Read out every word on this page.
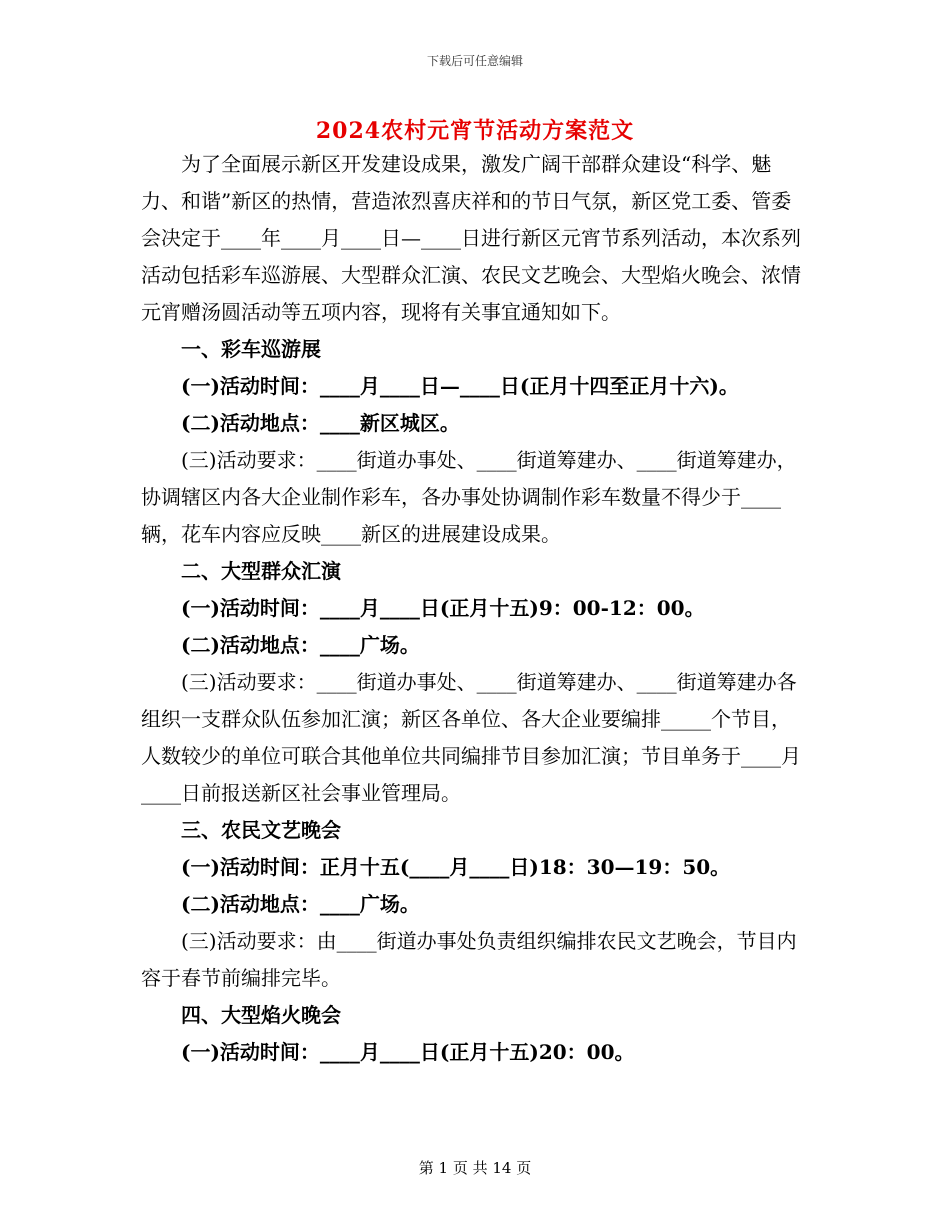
下载后可任意编辑
2024农村元宵节活动方案范文

为了全面展示新区开发建设成果，激发广阔干部群众建设“科学、魅力、和谐”新区的热情，营造浓烈喜庆祥和的节日气氛，新区党工委、管委会决定于____年____月____日—____日进行新区元宵节系列活动，本次系列活动包括彩车巡游展、大型群众汇演、农民文艺晚会、大型焰火晚会、浓情元宵赠汤圆活动等五项内容，现将有关事宜通知如下。

一、彩车巡游展

(一)活动时间：____月____日—____日(正月十四至正月十六)。

(二)活动地点：____新区城区。

(三)活动要求：____街道办事处、____街道筹建办、____街道筹建办，协调辖区内各大企业制作彩车，各办事处协调制作彩车数量不得少于____辆，花车内容应反映____新区的进展建设成果。

二、大型群众汇演

(一)活动时间：____月____日(正月十五)9：00-12：00。

(二)活动地点：____广场。

(三)活动要求：____街道办事处、____街道筹建办、____街道筹建办各组织一支群众队伍参加汇演；新区各单位、各大企业要编排_____个节目，人数较少的单位可联合其他单位共同编排节目参加汇演；节目单务于____月____日前报送新区社会事业管理局。

三、农民文艺晚会

(一)活动时间：正月十五(____月____日)18：30—19：50。

(二)活动地点：____广场。

(三)活动要求：由____街道办事处负责组织编排农民文艺晚会，节目内容于春节前编排完毕。

四、大型焰火晚会

(一)活动时间：____月____日(正月十五)20：00。

第 1 页 共 14 页
